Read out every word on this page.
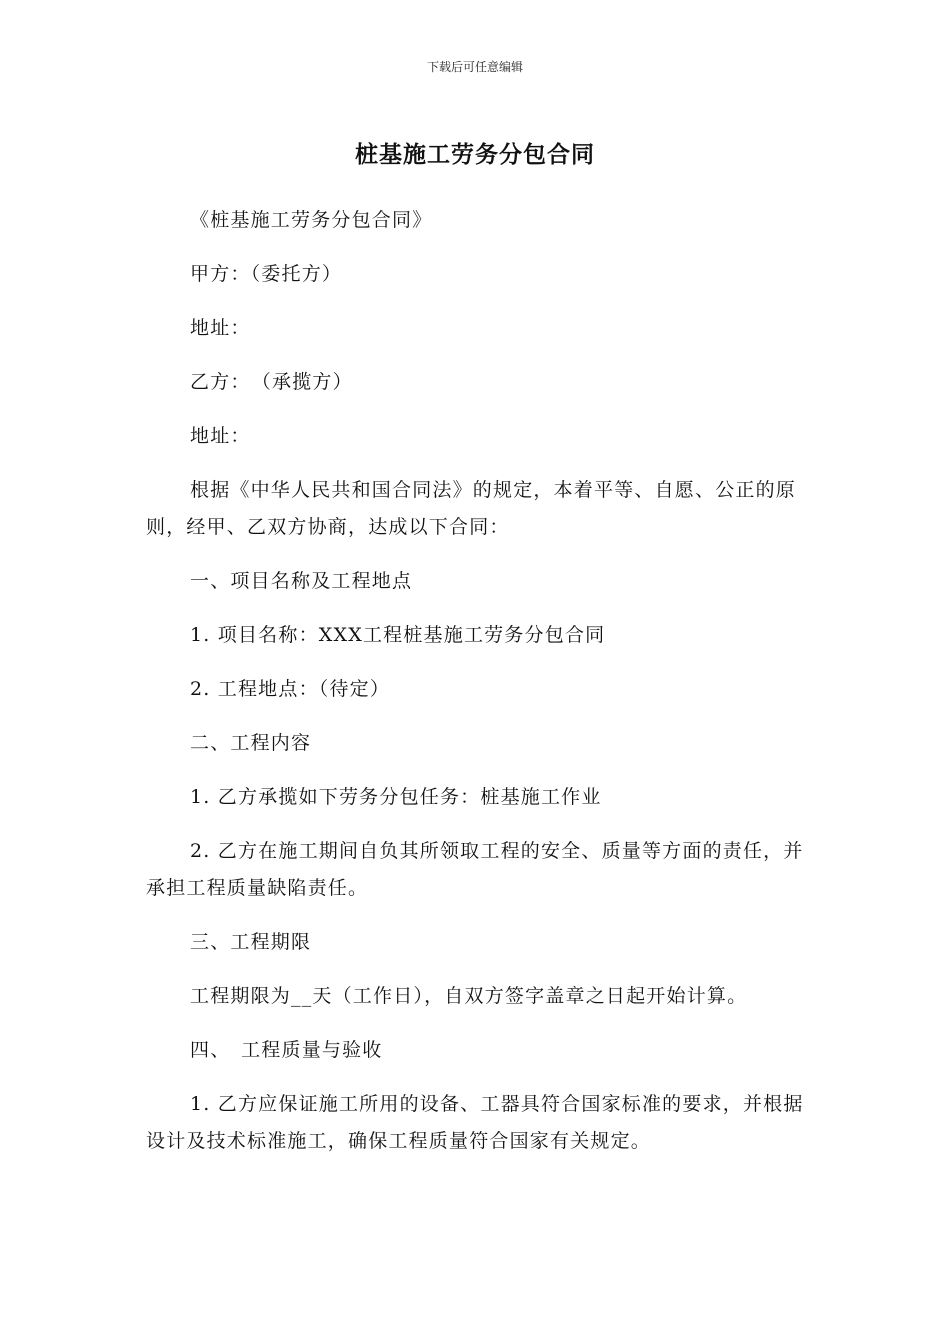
下载后可任意编辑
桩基施工劳务分包合同

《桩基施工劳务分包合同》

甲方：（委托方）

地址：

乙方：　（承揽方）

地址：

根据《中华人民共和国合同法》的规定，本着平等、自愿、公正的原则，经甲、乙双方协商，达成以下合同：

一、项目名称及工程地点

1. 项目名称：XXX工程桩基施工劳务分包合同

2. 工程地点：（待定）

二、工程内容

1. 乙方承揽如下劳务分包任务：桩基施工作业

2. 乙方在施工期间自负其所领取工程的安全、质量等方面的责任，并承担工程质量缺陷责任。

三、工程期限

工程期限为__天（工作日），自双方签字盖章之日起开始计算。

四、　工程质量与验收

1. 乙方应保证施工所用的设备、工器具符合国家标准的要求，并根据设计及技术标准施工，确保工程质量符合国家有关规定。
